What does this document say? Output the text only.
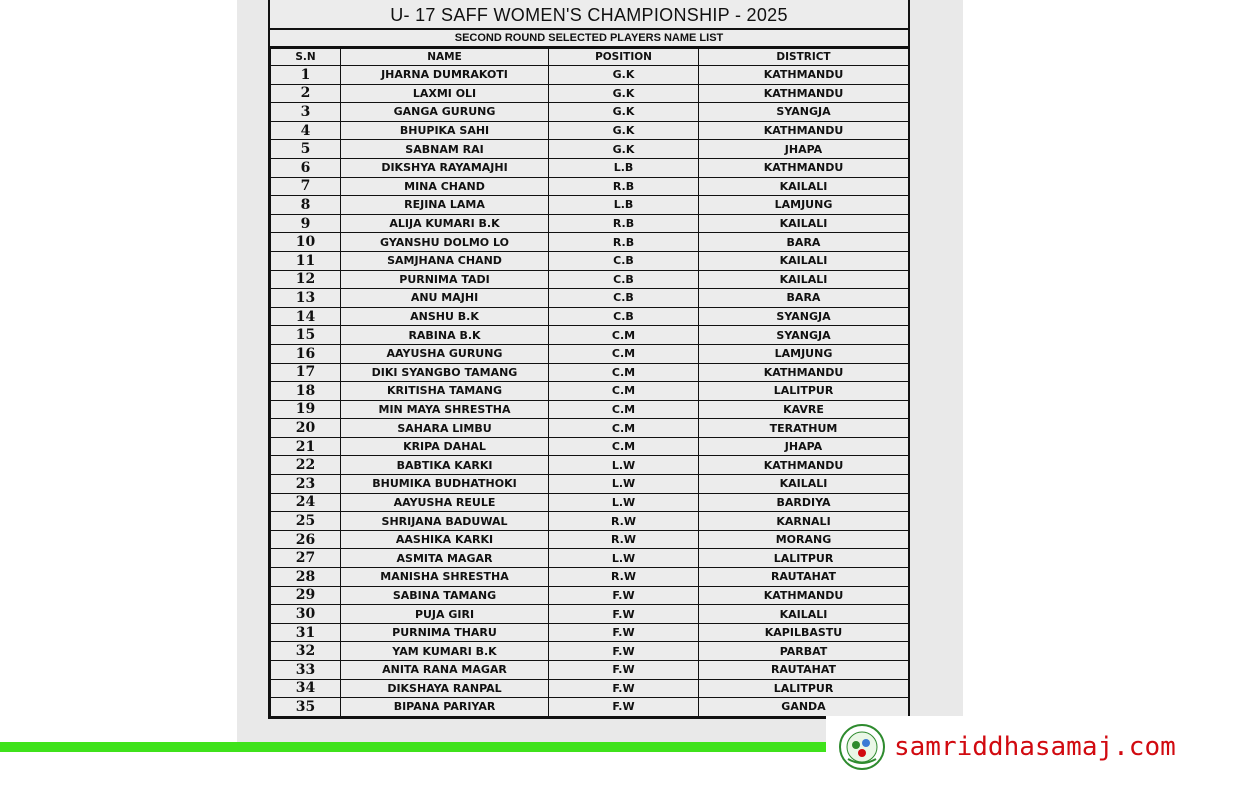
U- 17 SAFF WOMEN'S CHAMPIONSHIP - 2025
SECOND ROUND SELECTED PLAYERS NAME LIST
S.N	NAME	POSITION	DISTRICT
1	JHARNA DUMRAKOTI	G.K	KATHMANDU
2	LAXMI OLI	G.K	KATHMANDU
3	GANGA GURUNG	G.K	SYANGJA
4	BHUPIKA SAHI	G.K	KATHMANDU
5	SABNAM RAI	G.K	JHAPA
6	DIKSHYA RAYAMAJHI	L.B	KATHMANDU
7	MINA CHAND	R.B	KAILALI
8	REJINA LAMA	L.B	LAMJUNG
9	ALIJA KUMARI B.K	R.B	KAILALI
10	GYANSHU DOLMO LO	R.B	BARA
11	SAMJHANA CHAND	C.B	KAILALI
12	PURNIMA TADI	C.B	KAILALI
13	ANU MAJHI	C.B	BARA
14	ANSHU B.K	C.B	SYANGJA
15	RABINA B.K	C.M	SYANGJA
16	AAYUSHA GURUNG	C.M	LAMJUNG
17	DIKI SYANGBO TAMANG	C.M	KATHMANDU
18	KRITISHA TAMANG	C.M	LALITPUR
19	MIN MAYA SHRESTHA	C.M	KAVRE
20	SAHARA LIMBU	C.M	TERATHUM
21	KRIPA DAHAL	C.M	JHAPA
22	BABTIKA KARKI	L.W	KATHMANDU
23	BHUMIKA BUDHATHOKI	L.W	KAILALI
24	AAYUSHA REULE	L.W	BARDIYA
25	SHRIJANA BADUWAL	R.W	KARNALI
26	AASHIKA KARKI	R.W	MORANG
27	ASMITA MAGAR	L.W	LALITPUR
28	MANISHA SHRESTHA	R.W	RAUTAHAT
29	SABINA TAMANG	F.W	KATHMANDU
30	PUJA GIRI	F.W	KAILALI
31	PURNIMA THARU	F.W	KAPILBASTU
32	YAM KUMARI B.K	F.W	PARBAT
33	ANITA RANA MAGAR	F.W	RAUTAHAT
34	DIKSHAYA RANPAL	F.W	LALITPUR
35	BIPANA PARIYAR	F.W	GANDA
samriddhasamaj.com
